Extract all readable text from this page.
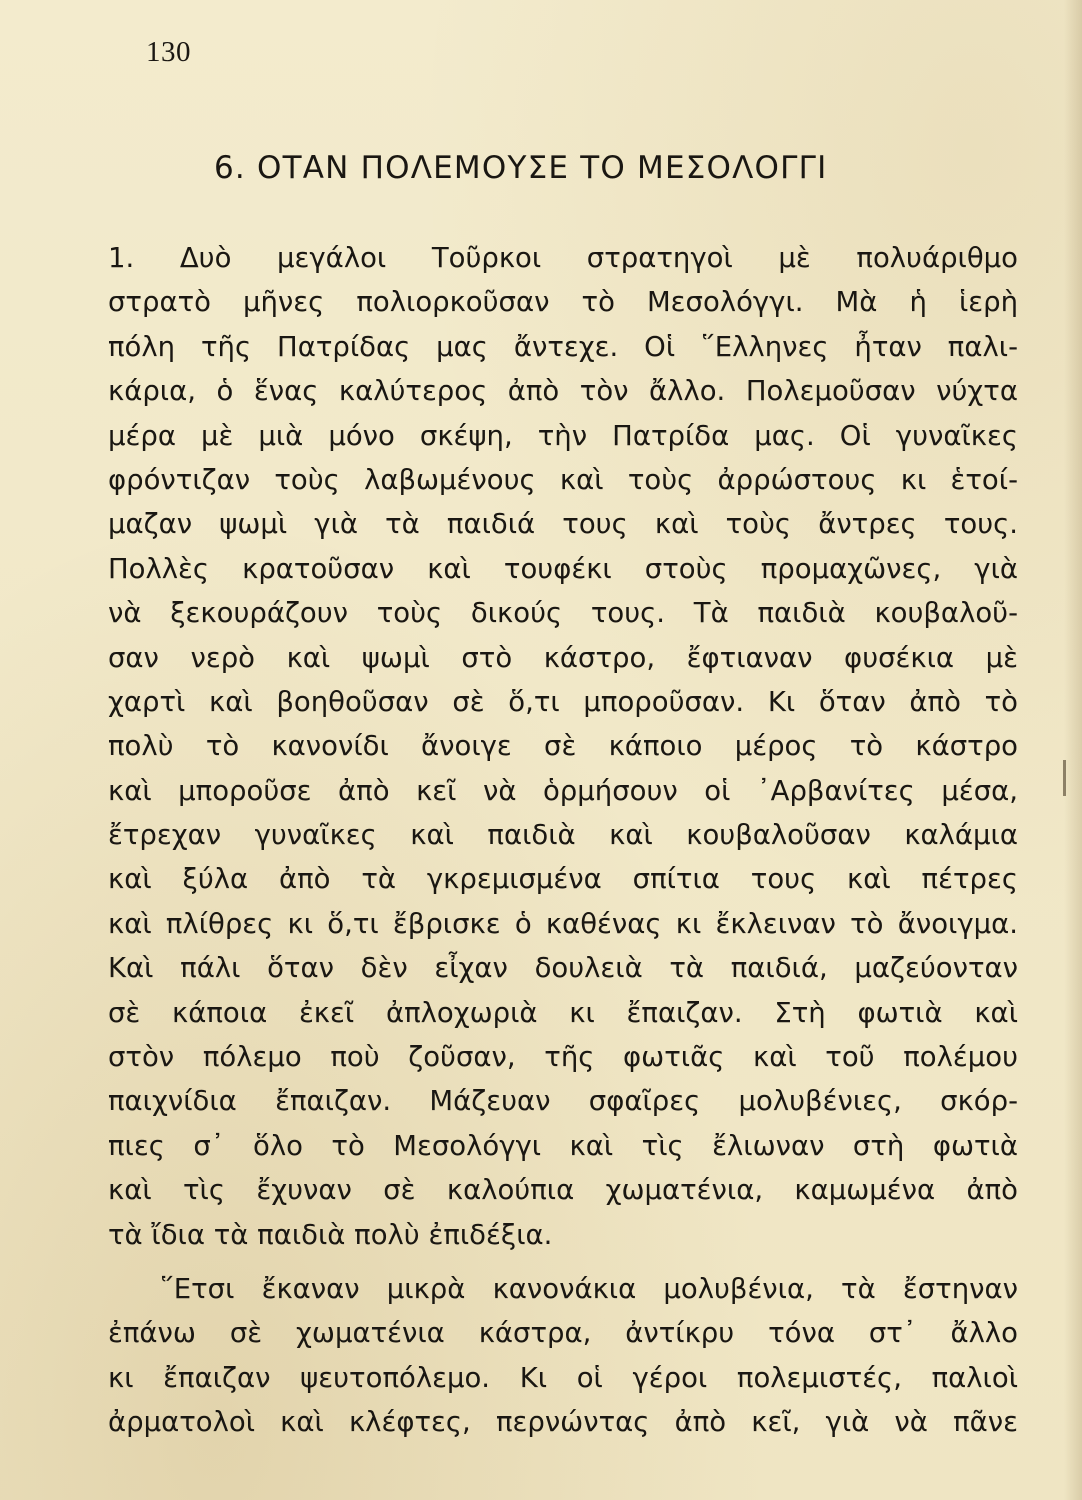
130
6. ΟΤΑΝ ΠΟΛΕΜΟΥΣΕ ΤΟ ΜΕΣΟΛΟΓΓΙ
1. Δυὸ μεγάλοι Τοῦρκοι στρατηγοὶ μὲ πολυάριθμο
στρατὸ μῆνες πολιορκοῦσαν τὸ Μεσολόγγι. Μὰ ἡ ἱερὴ
πόλη τῆς Πατρίδας μας ἄντεχε. Οἱ ῞Ελληνες ἦταν παλι-
κάρια, ὁ ἕνας καλύτερος ἀπὸ τὸν ἄλλο. Πολεμοῦσαν νύχτα
μέρα μὲ μιὰ μόνο σκέψη, τὴν Πατρίδα μας. Οἱ γυναῖκες
φρόντιζαν τοὺς λαβωμένους καὶ τοὺς ἀρρώστους κι ἑτοί-
μαζαν ψωμὶ γιὰ τὰ παιδιά τους καὶ τοὺς ἄντρες τους.
Πολλὲς κρατοῦσαν καὶ τουφέκι στοὺς προμαχῶνες, γιὰ
νὰ ξεκουράζουν τοὺς δικούς τους. Τὰ παιδιὰ κουβαλοῦ-
σαν νερὸ καὶ ψωμὶ στὸ κάστρο, ἔφτιαναν φυσέκια μὲ
χαρτὶ καὶ βοηθοῦσαν σὲ ὅ,τι μποροῦσαν. Κι ὅταν ἀπὸ τὸ
πολὺ τὸ κανονίδι ἄνοιγε σὲ κάποιο μέρος τὸ κάστρο
καὶ μποροῦσε ἀπὸ κεῖ νὰ ὁρμήσουν οἱ ᾿Αρβανίτες μέσα,
ἔτρεχαν γυναῖκες καὶ παιδιὰ καὶ κουβαλοῦσαν καλάμια
καὶ ξύλα ἀπὸ τὰ γκρεμισμένα σπίτια τους καὶ πέτρες
καὶ πλίθρες κι ὅ,τι ἔβρισκε ὁ καθένας κι ἔκλειναν τὸ ἄνοιγμα.
Καὶ πάλι ὅταν δὲν εἶχαν δουλειὰ τὰ παιδιά, μαζεύονταν
σὲ κάποια ἐκεῖ ἀπλοχωριὰ κι ἔπαιζαν. Στὴ φωτιὰ καὶ
στὸν πόλεμο ποὺ ζοῦσαν, τῆς φωτιᾶς καὶ τοῦ πολέμου
παιχνίδια ἔπαιζαν. Μάζευαν σφαῖρες μολυβένιες, σκόρ-
πιες σ᾿ ὅλο τὸ Μεσολόγγι καὶ τὶς ἔλιωναν στὴ φωτιὰ
καὶ τὶς ἔχυναν σὲ καλούπια χωματένια, καμωμένα ἀπὸ
τὰ ἴδια τὰ παιδιὰ πολὺ ἐπιδέξια.
῞Ετσι ἔκαναν μικρὰ κανονάκια μολυβένια, τὰ ἔστηναν
ἐπάνω σὲ χωματένια κάστρα, ἀντίκρυ τόνα στ᾿ ἄλλο
κι ἔπαιζαν ψευτοπόλεμο. Κι οἱ γέροι πολεμιστές, παλιοὶ
ἀρματολοὶ καὶ κλέφτες, περνώντας ἀπὸ κεῖ, γιὰ νὰ πᾶνε
